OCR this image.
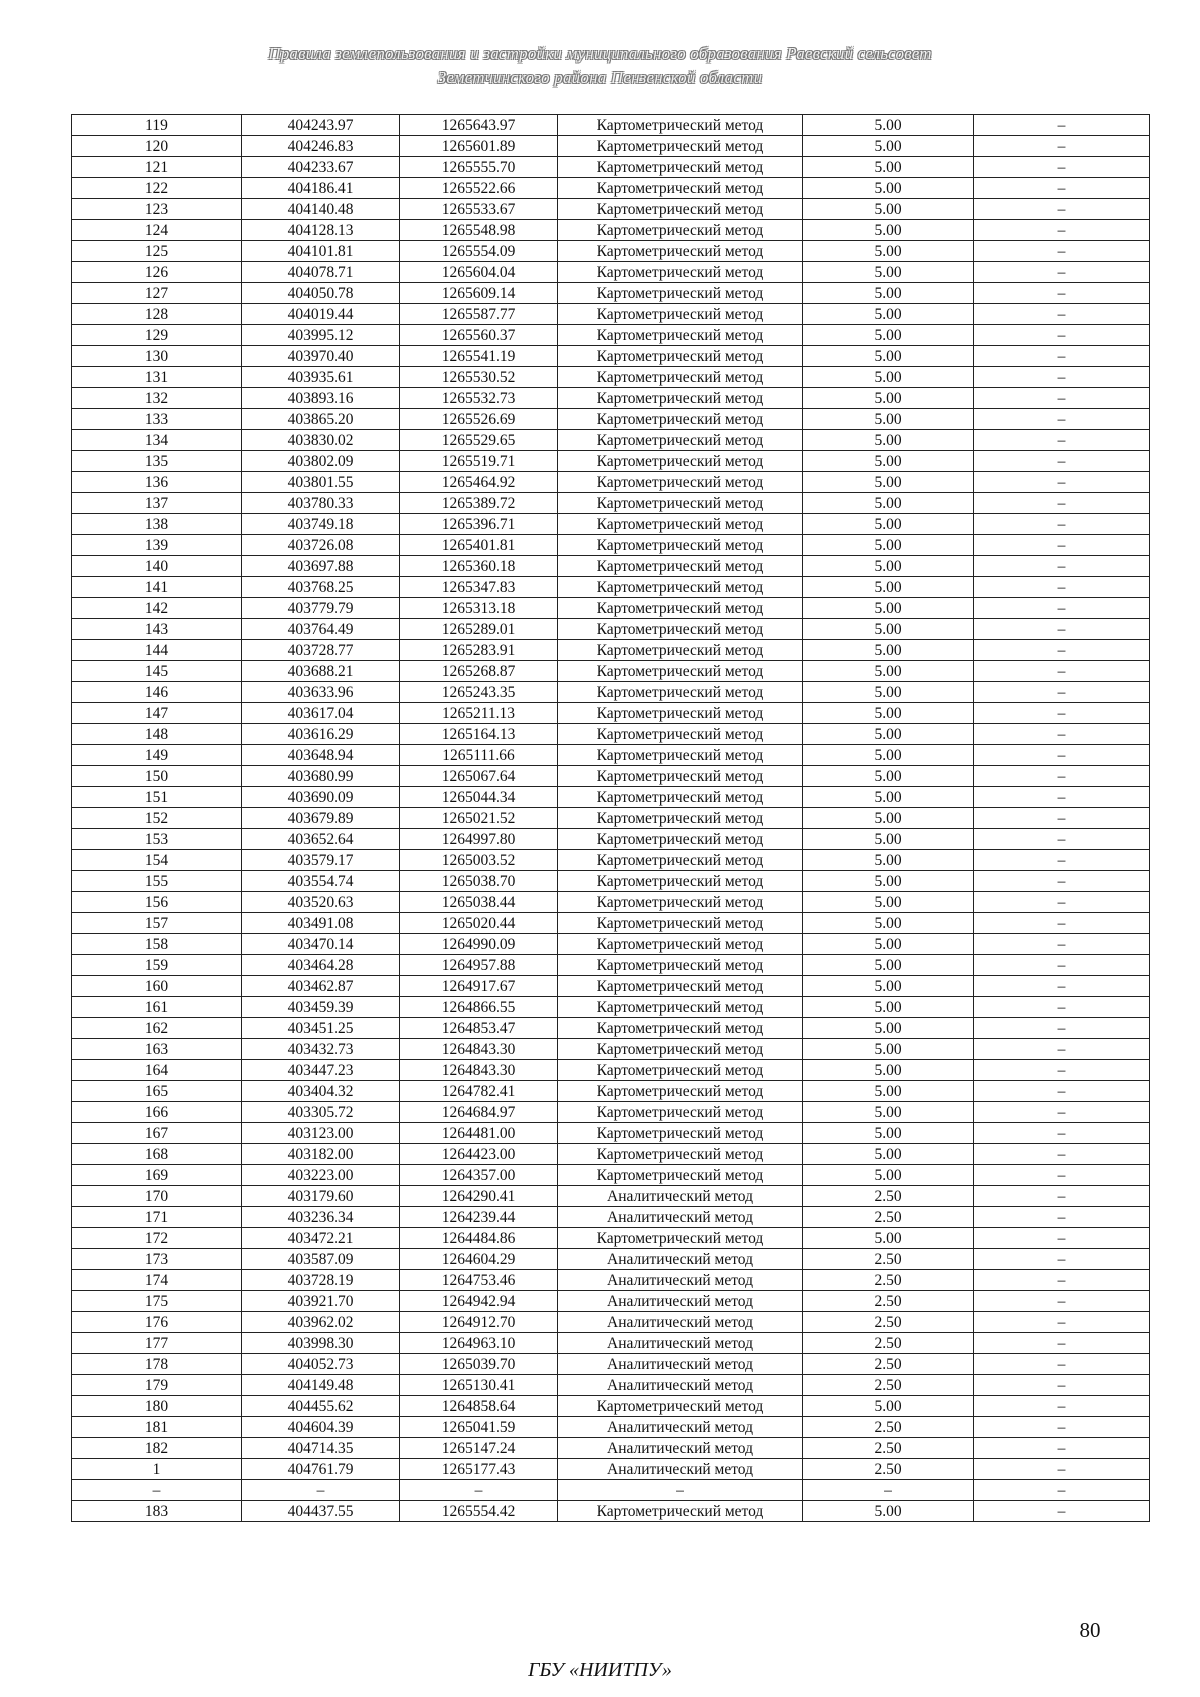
Правила землепользования и застройки муниципального образования Раевский сельсовет
Земетчинского района Пензенской области
119	404243.97	1265643.97	Картометрический метод	5.00	–
120	404246.83	1265601.89	Картометрический метод	5.00	–
121	404233.67	1265555.70	Картометрический метод	5.00	–
122	404186.41	1265522.66	Картометрический метод	5.00	–
123	404140.48	1265533.67	Картометрический метод	5.00	–
124	404128.13	1265548.98	Картометрический метод	5.00	–
125	404101.81	1265554.09	Картометрический метод	5.00	–
126	404078.71	1265604.04	Картометрический метод	5.00	–
127	404050.78	1265609.14	Картометрический метод	5.00	–
128	404019.44	1265587.77	Картометрический метод	5.00	–
129	403995.12	1265560.37	Картометрический метод	5.00	–
130	403970.40	1265541.19	Картометрический метод	5.00	–
131	403935.61	1265530.52	Картометрический метод	5.00	–
132	403893.16	1265532.73	Картометрический метод	5.00	–
133	403865.20	1265526.69	Картометрический метод	5.00	–
134	403830.02	1265529.65	Картометрический метод	5.00	–
135	403802.09	1265519.71	Картометрический метод	5.00	–
136	403801.55	1265464.92	Картометрический метод	5.00	–
137	403780.33	1265389.72	Картометрический метод	5.00	–
138	403749.18	1265396.71	Картометрический метод	5.00	–
139	403726.08	1265401.81	Картометрический метод	5.00	–
140	403697.88	1265360.18	Картометрический метод	5.00	–
141	403768.25	1265347.83	Картометрический метод	5.00	–
142	403779.79	1265313.18	Картометрический метод	5.00	–
143	403764.49	1265289.01	Картометрический метод	5.00	–
144	403728.77	1265283.91	Картометрический метод	5.00	–
145	403688.21	1265268.87	Картометрический метод	5.00	–
146	403633.96	1265243.35	Картометрический метод	5.00	–
147	403617.04	1265211.13	Картометрический метод	5.00	–
148	403616.29	1265164.13	Картометрический метод	5.00	–
149	403648.94	1265111.66	Картометрический метод	5.00	–
150	403680.99	1265067.64	Картометрический метод	5.00	–
151	403690.09	1265044.34	Картометрический метод	5.00	–
152	403679.89	1265021.52	Картометрический метод	5.00	–
153	403652.64	1264997.80	Картометрический метод	5.00	–
154	403579.17	1265003.52	Картометрический метод	5.00	–
155	403554.74	1265038.70	Картометрический метод	5.00	–
156	403520.63	1265038.44	Картометрический метод	5.00	–
157	403491.08	1265020.44	Картометрический метод	5.00	–
158	403470.14	1264990.09	Картометрический метод	5.00	–
159	403464.28	1264957.88	Картометрический метод	5.00	–
160	403462.87	1264917.67	Картометрический метод	5.00	–
161	403459.39	1264866.55	Картометрический метод	5.00	–
162	403451.25	1264853.47	Картометрический метод	5.00	–
163	403432.73	1264843.30	Картометрический метод	5.00	–
164	403447.23	1264843.30	Картометрический метод	5.00	–
165	403404.32	1264782.41	Картометрический метод	5.00	–
166	403305.72	1264684.97	Картометрический метод	5.00	–
167	403123.00	1264481.00	Картометрический метод	5.00	–
168	403182.00	1264423.00	Картометрический метод	5.00	–
169	403223.00	1264357.00	Картометрический метод	5.00	–
170	403179.60	1264290.41	Аналитический метод	2.50	–
171	403236.34	1264239.44	Аналитический метод	2.50	–
172	403472.21	1264484.86	Картометрический метод	5.00	–
173	403587.09	1264604.29	Аналитический метод	2.50	–
174	403728.19	1264753.46	Аналитический метод	2.50	–
175	403921.70	1264942.94	Аналитический метод	2.50	–
176	403962.02	1264912.70	Аналитический метод	2.50	–
177	403998.30	1264963.10	Аналитический метод	2.50	–
178	404052.73	1265039.70	Аналитический метод	2.50	–
179	404149.48	1265130.41	Аналитический метод	2.50	–
180	404455.62	1264858.64	Картометрический метод	5.00	–
181	404604.39	1265041.59	Аналитический метод	2.50	–
182	404714.35	1265147.24	Аналитический метод	2.50	–
1	404761.79	1265177.43	Аналитический метод	2.50	–
–	–	–	–	–	–
183	404437.55	1265554.42	Картометрический метод	5.00	–
80
ГБУ «НИИТПУ»
